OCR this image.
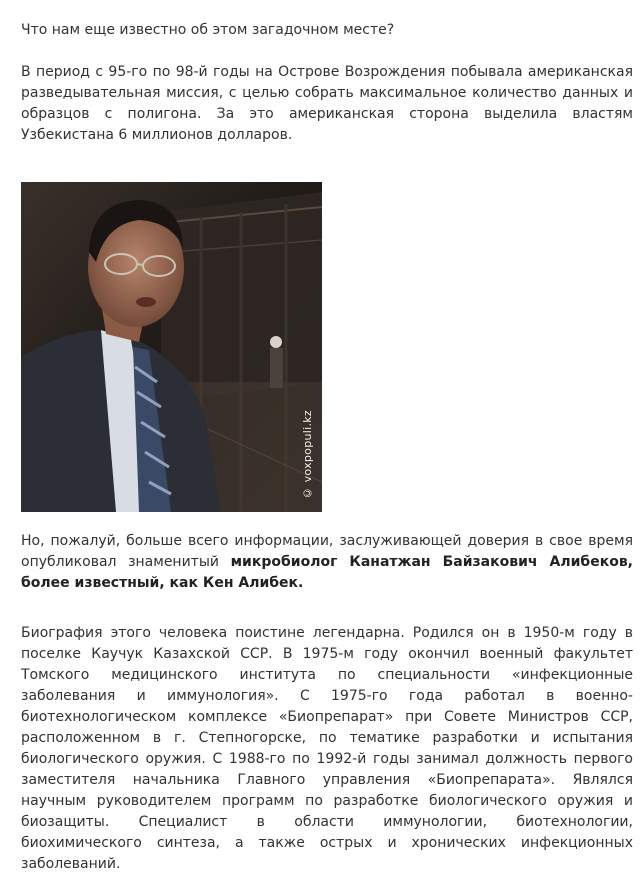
Что нам еще известно об этом загадочном месте?

В период с 95-го по 98-й годы на Острове Возрождения побывала американская разведывательная миссия, с целью собрать максимальное количество данных и образцов с полигона. За это американская сторона выделила властям Узбекистана 6 миллионов долларов.

© voxpopuli.kz

Но, пожалуй, больше всего информации, заслуживающей доверия в свое время опубликовал знаменитый микробиолог Канатжан Байзакович Алибеков, более известный, как Кен Алибек.

Биография этого человека поистине легендарна. Родился он в 1950-м году в поселке Каучук Казахской ССР. В 1975-м году окончил военный факультет Томского медицинского института по специальности «инфекционные заболевания и иммунология». С 1975-го года работал в военно-биотехнологическом комплексе «Биопрепарат» при Совете Министров ССР, расположенном в г. Степногорске, по тематике разработки и испытания биологического оружия. С 1988-го по 1992-й годы занимал должность первого заместителя начальника Главного управления «Биопрепарата». Являлся научным руководителем программ по разработке биологического оружия и биозащиты. Специалист в области иммунологии, биотехнологии, биохимического синтеза, а также острых и хронических инфекционных заболеваний.
